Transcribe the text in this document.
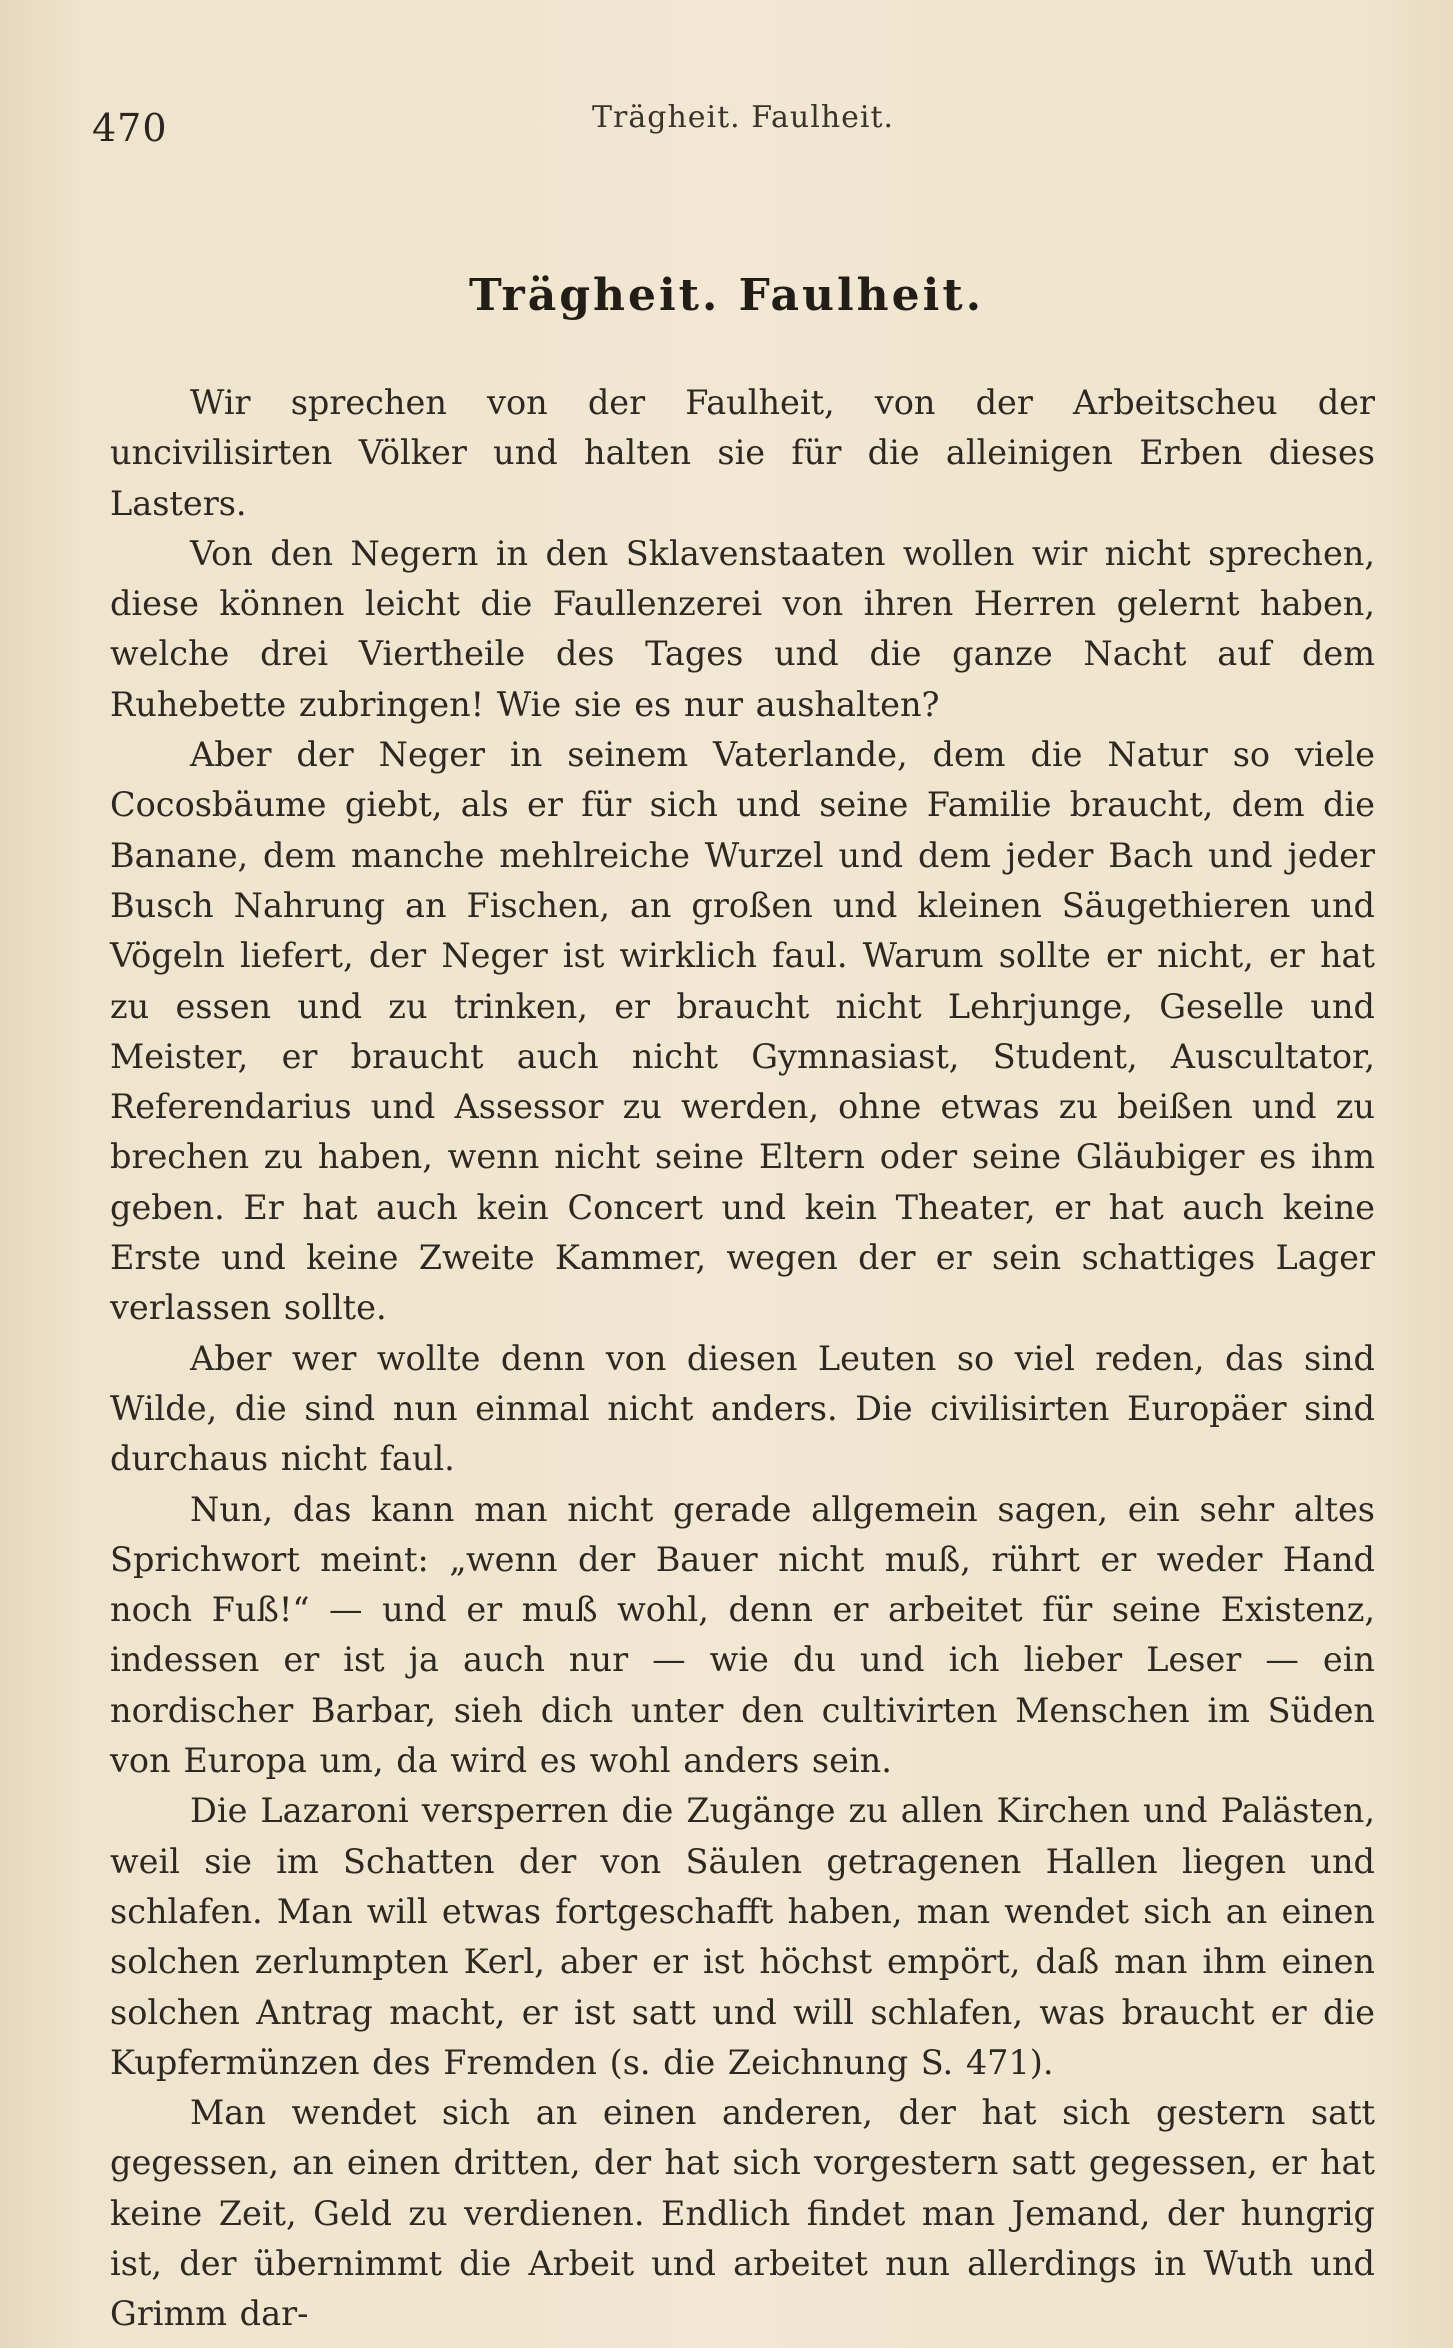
470	Trägheit. Faulheit.
Trägheit. Faulheit.

Wir sprechen von der Faulheit, von der Arbeitscheu der uncivilisirten Völker und halten sie für die alleinigen Erben dieses Lasters.

Von den Negern in den Sklavenstaaten wollen wir nicht sprechen, diese können leicht die Faullenzerei von ihren Herren gelernt haben, welche drei Viertheile des Tages und die ganze Nacht auf dem Ruhebette zubringen! Wie sie es nur aushalten?

Aber der Neger in seinem Vaterlande, dem die Natur so viele Cocosbäume giebt, als er für sich und seine Familie braucht, dem die Banane, dem manche mehlreiche Wurzel und dem jeder Bach und jeder Busch Nahrung an Fischen, an großen und kleinen Säugethieren und Vögeln liefert, der Neger ist wirklich faul. Warum sollte er nicht, er hat zu essen und zu trinken, er braucht nicht Lehrjunge, Geselle und Meister, er braucht auch nicht Gymnasiast, Student, Auscultator, Referendarius und Assessor zu werden, ohne etwas zu beißen und zu brechen zu haben, wenn nicht seine Eltern oder seine Gläubiger es ihm geben. Er hat auch kein Concert und kein Theater, er hat auch keine Erste und keine Zweite Kammer, wegen der er sein schattiges Lager verlassen sollte.

Aber wer wollte denn von diesen Leuten so viel reden, das sind Wilde, die sind nun einmal nicht anders. Die civilisirten Europäer sind durchaus nicht faul.

Nun, das kann man nicht gerade allgemein sagen, ein sehr altes Sprichwort meint: „wenn der Bauer nicht muß, rührt er weder Hand noch Fuß!“ — und er muß wohl, denn er arbeitet für seine Existenz, indessen er ist ja auch nur — wie du und ich lieber Leser — ein nordischer Barbar, sieh dich unter den cultivirten Menschen im Süden von Europa um, da wird es wohl anders sein.

Die Lazaroni versperren die Zugänge zu allen Kirchen und Palästen, weil sie im Schatten der von Säulen getragenen Hallen liegen und schlafen. Man will etwas fortgeschafft haben, man wendet sich an einen solchen zerlumpten Kerl, aber er ist höchst empört, daß man ihm einen solchen Antrag macht, er ist satt und will schlafen, was braucht er die Kupfermünzen des Fremden (s. die Zeichnung S. 471).

Man wendet sich an einen anderen, der hat sich gestern satt gegessen, an einen dritten, der hat sich vorgestern satt gegessen, er hat keine Zeit, Geld zu verdienen. Endlich findet man Jemand, der hungrig ist, der übernimmt die Arbeit und arbeitet nun allerdings in Wuth und Grimm dar-
